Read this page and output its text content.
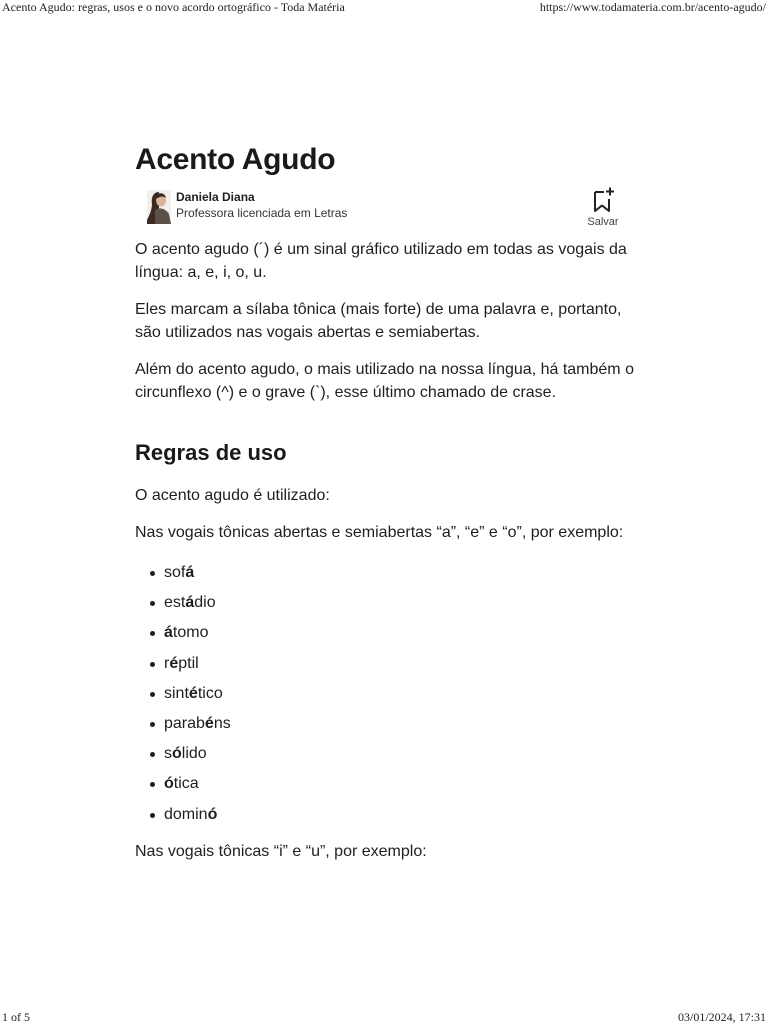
Acento Agudo: regras, usos e o novo acordo ortográfico - Toda Matéria	https://www.todamateria.com.br/acento-agudo/
Acento Agudo
Daniela Diana
Professora licenciada em Letras
Salvar

O acento agudo (´) é um sinal gráfico utilizado em todas as vogais da língua: a, e, i, o, u.

Eles marcam a sílaba tônica (mais forte) de uma palavra e, portanto, são utilizados nas vogais abertas e semiabertas.

Além do acento agudo, o mais utilizado na nossa língua, há também o circunflexo (^) e o grave (`), esse último chamado de crase.

Regras de uso

O acento agudo é utilizado:

Nas vogais tônicas abertas e semiabertas “a”, “e” e “o”, por exemplo:

sofá
estádio
átomo
réptil
sintético
parabéns
sólido
ótica
dominó

Nas vogais tônicas “i” e “u”, por exemplo:

1 of 5	03/01/2024, 17:31
